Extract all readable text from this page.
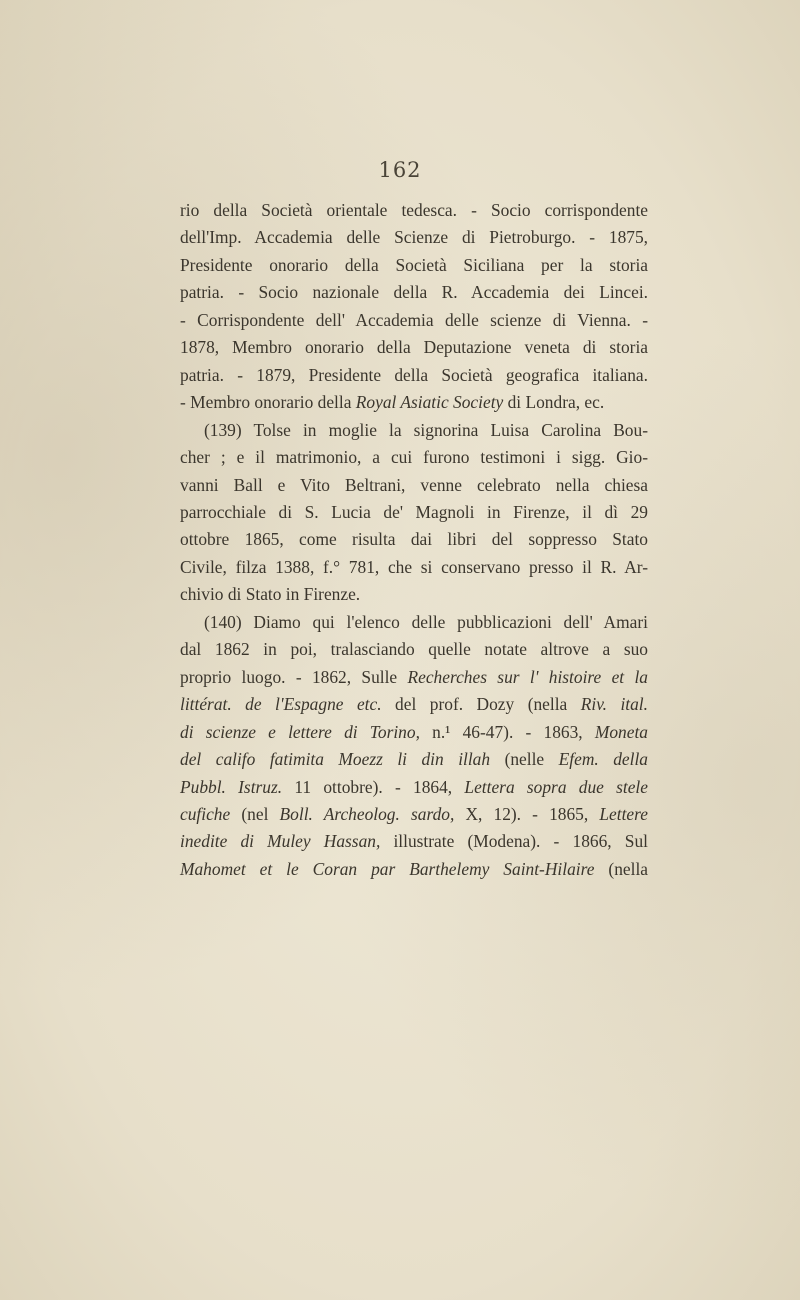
162
rio della Società orientale tedesca. - Socio corrispondente
dell'Imp. Accademia delle Scienze di Pietroburgo. - 1875,
Presidente onorario della Società Siciliana per la storia
patria. - Socio nazionale della R. Accademia dei Lincei.
- Corrispondente dell' Accademia delle scienze di Vienna. -
1878, Membro onorario della Deputazione veneta di storia
patria. - 1879, Presidente della Società geografica italiana.
- Membro onorario della Royal Asiatic Society di Londra, ec.
(139) Tolse in moglie la signorina Luisa Carolina Bou-
cher ; e il matrimonio, a cui furono testimoni i sigg. Gio-
vanni Ball e Vito Beltrani, venne celebrato nella chiesa
parrocchiale di S. Lucia de' Magnoli in Firenze, il dì 29
ottobre 1865, come risulta dai libri del soppresso Stato
Civile, filza 1388, f.° 781, che si conservano presso il R. Ar-
chivio di Stato in Firenze.
(140) Diamo qui l'elenco delle pubblicazioni dell' Amari
dal 1862 in poi, tralasciando quelle notate altrove a suo
proprio luogo. - 1862, Sulle Recherches sur l' histoire et la
littérat. de l'Espagne etc. del prof. Dozy (nella Riv. ital.
di scienze e lettere di Torino, n.¹ 46-47). - 1863, Moneta
del califo fatimita Moezz li din illah (nelle Efem. della
Pubbl. Istruz. 11 ottobre). - 1864, Lettera sopra due stele
cufiche (nel Boll. Archeolog. sardo, X, 12). - 1865, Lettere
inedite di Muley Hassan, illustrate (Modena). - 1866, Sul
Mahomet et le Coran par Barthelemy Saint-Hilaire (nella
